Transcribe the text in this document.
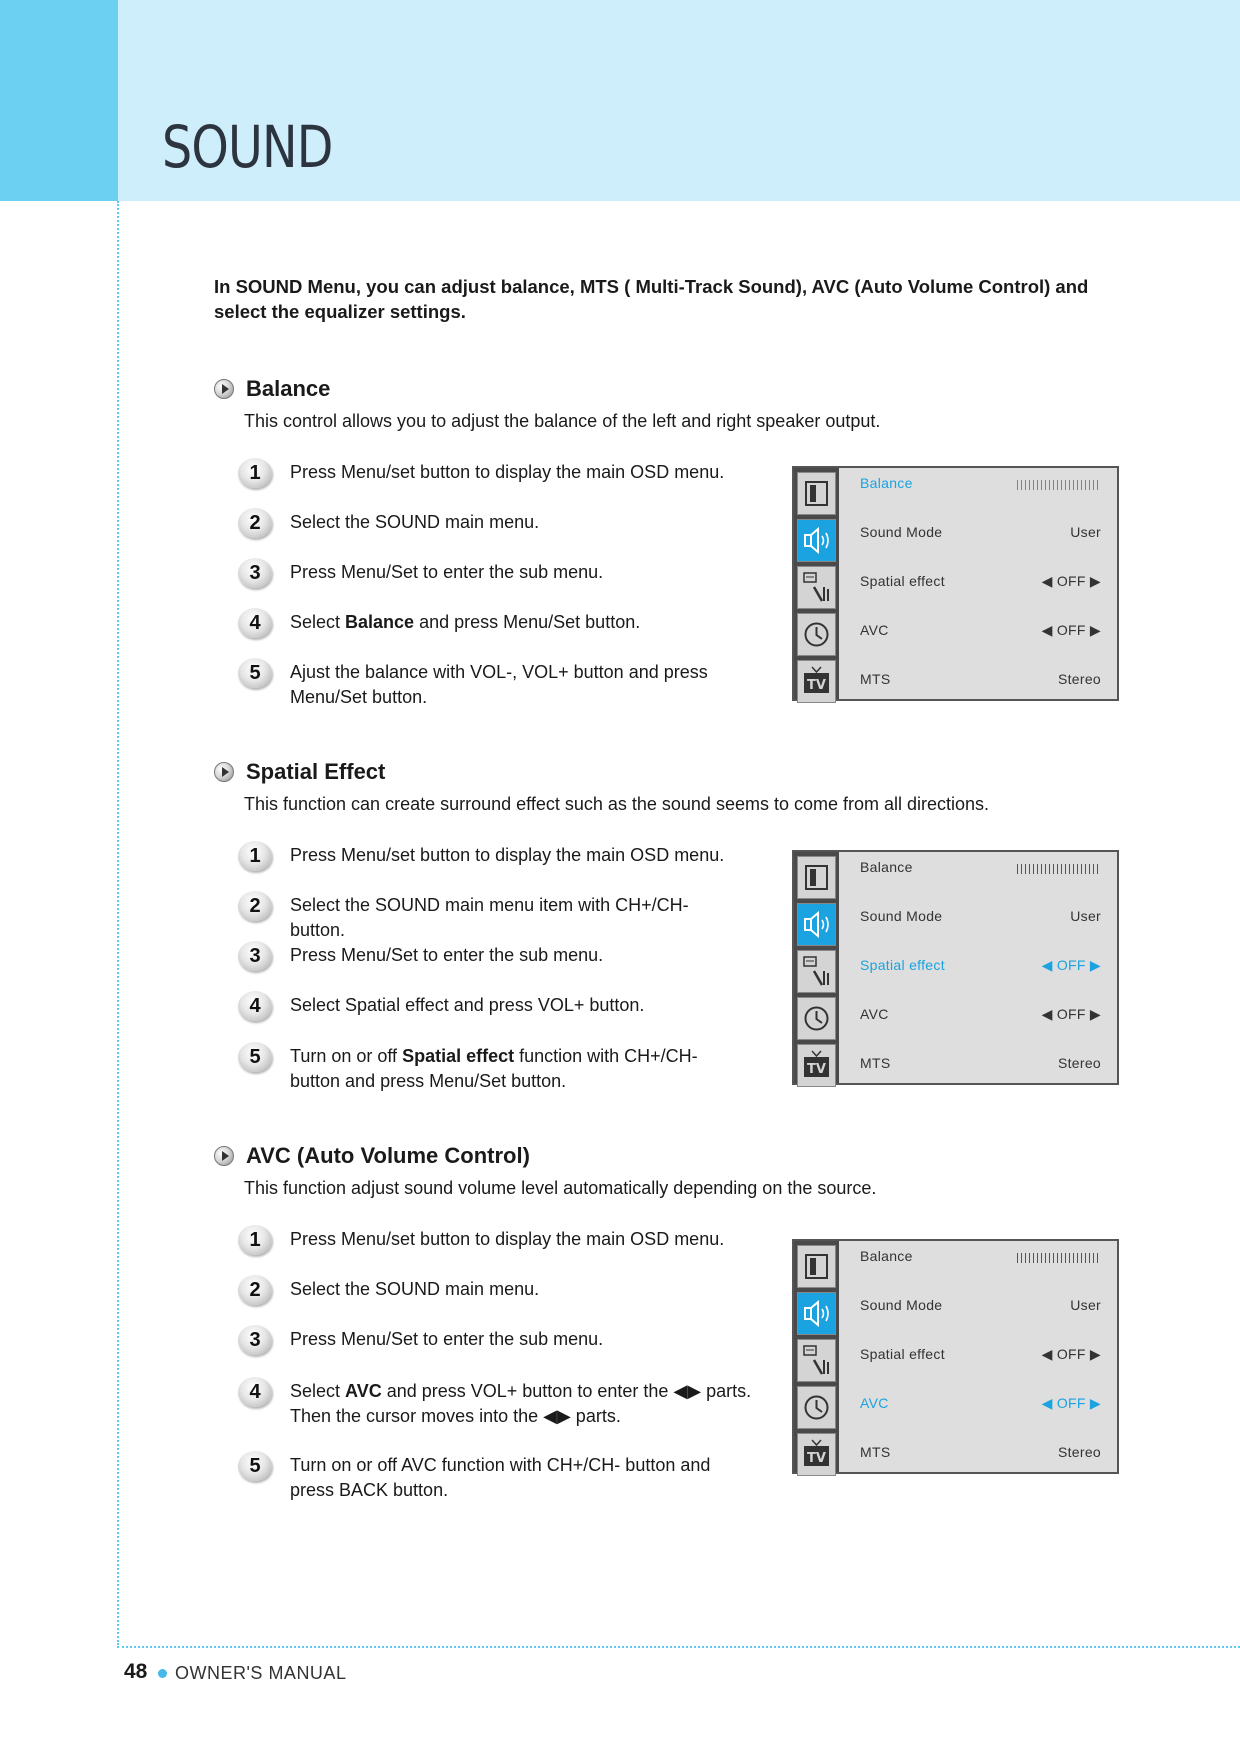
SOUND
In SOUND Menu, you can adjust balance, MTS ( Multi-Track Sound), AVC (Auto Volume Control) and select the equalizer settings.
Balance
This control allows you to adjust the balance of the left and right speaker output.
1	Press Menu/set button to display the main OSD menu.
2	Select the SOUND main menu.
3	Press Menu/Set to enter the sub menu.
4	Select Balance and press Menu/Set button.
5	Ajust the balance with VOL-, VOL+ button and press Menu/Set button.
TV
Balance
Sound Mode	User
Spatial effect	◀ OFF ▶
AVC	◀ OFF ▶
MTS	Stereo
Spatial Effect
This function can create surround effect such as the sound seems to come from all directions.
1	Press Menu/set button to display the main OSD menu.
2	Select the SOUND main menu item with CH+/CH- button.
3	Press Menu/Set to enter the sub menu.
4	Select Spatial effect and press VOL+ button.
5	Turn on or off Spatial effect function with CH+/CH- button and press Menu/Set button.
TV
Balance
Sound Mode	User
Spatial effect	◀ OFF ▶
AVC	◀ OFF ▶
MTS	Stereo
AVC (Auto Volume Control)
This function adjust sound volume level automatically depending on the source.
1	Press Menu/set button to display the main OSD menu.
2	Select the SOUND main menu.
3	Press Menu/Set to enter the sub menu.
4	Select AVC and press VOL+ button to enter the ◀▶ parts. Then the cursor moves into the ◀▶ parts.
5	Turn on or off AVC function with CH+/CH- button and press BACK button.
TV
Balance
Sound Mode	User
Spatial effect	◀ OFF ▶
AVC	◀ OFF ▶
MTS	Stereo
48 OWNER'S MANUAL
